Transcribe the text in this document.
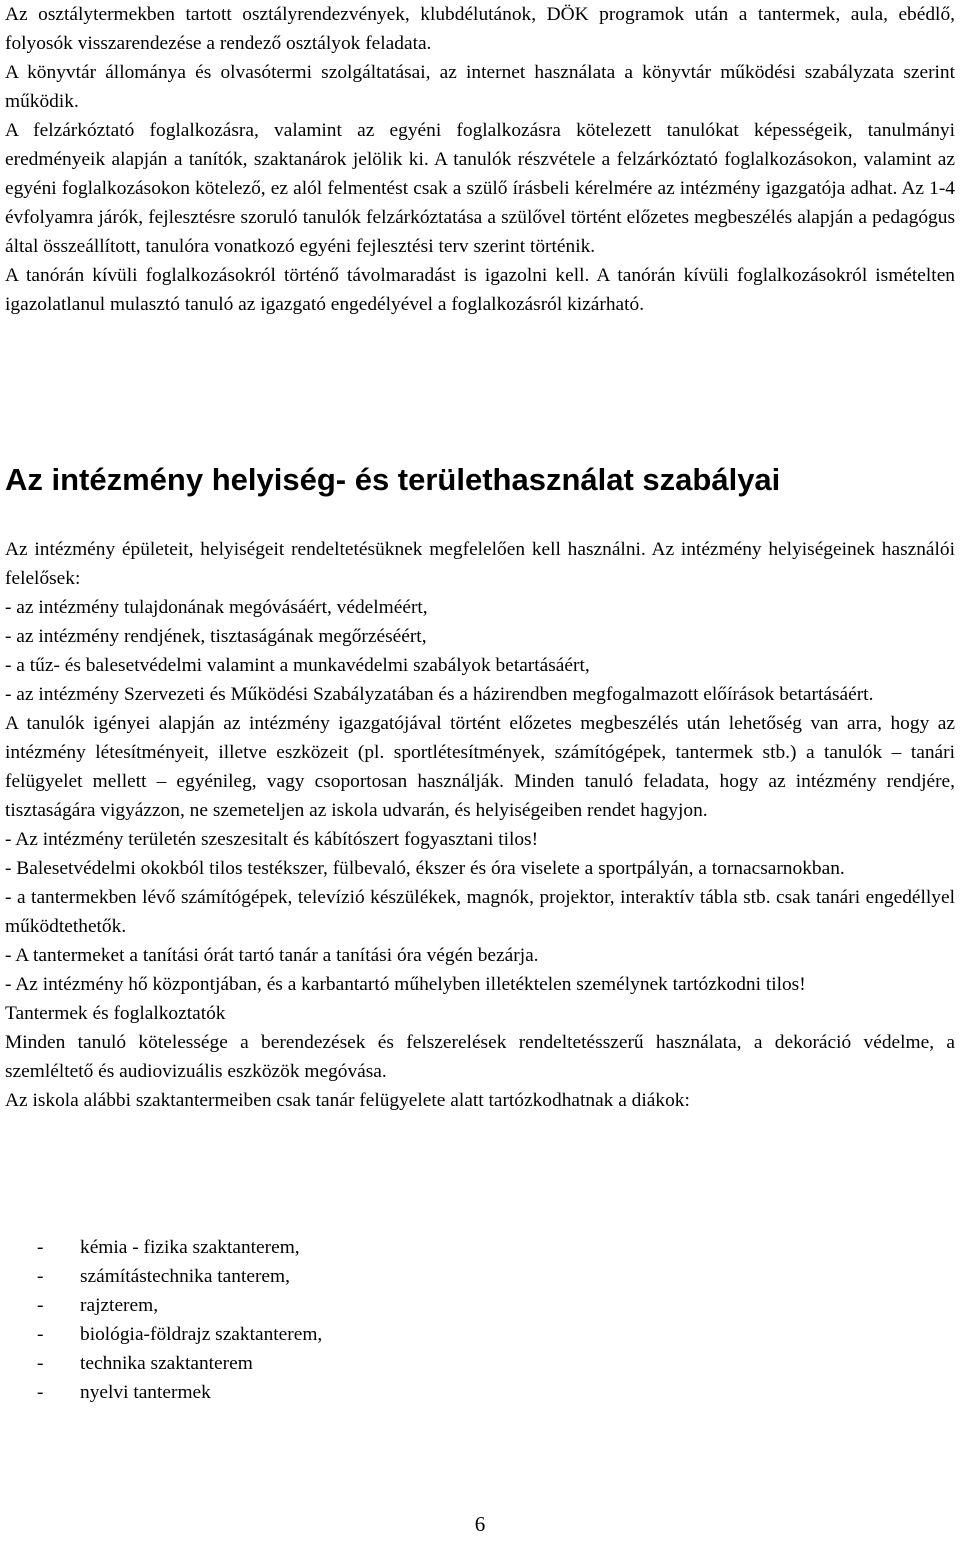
Az osztálytermekben tartott osztályrendezvények, klubdélutánok, DÖK programok után a tantermek, aula, ebédlő, folyosók visszarendezése a rendező osztályok feladata.

A könyvtár állománya és olvasótermi szolgáltatásai, az internet használata a könyvtár működési szabályzata szerint működik.

A felzárkóztató foglalkozásra, valamint az egyéni foglalkozásra kötelezett tanulókat képességeik, tanulmányi eredményeik alapján a tanítók, szaktanárok jelölik ki. A tanulók részvétele a felzárkóztató foglalkozásokon, valamint az egyéni foglalkozásokon kötelező, ez alól felmentést csak a szülő írásbeli kérelmére az intézmény igazgatója adhat. Az 1-4 évfolyamra járók, fejlesztésre szoruló tanulók felzárkóztatása a szülővel történt előzetes megbeszélés alapján a pedagógus által összeállított, tanulóra vonatkozó egyéni fejlesztési terv szerint történik.

A tanórán kívüli foglalkozásokról történő távolmaradást is igazolni kell. A tanórán kívüli foglalkozásokról ismételten igazolatlanul mulasztó tanuló az igazgató engedélyével a foglalkozásról kizárható.

Az intézmény helyiség- és területhasználat szabályai

Az intézmény épületeit, helyiségeit rendeltetésüknek megfelelően kell használni. Az intézmény helyiségeinek használói felelősek:

- az intézmény tulajdonának megóvásáért, védelméért,

- az intézmény rendjének, tisztaságának megőrzéséért,

- a tűz- és balesetvédelmi valamint a munkavédelmi szabályok betartásáért,

- az intézmény Szervezeti és Működési Szabályzatában és a házirendben megfogalmazott előírások betartásáért.

A tanulók igényei alapján az intézmény igazgatójával történt előzetes megbeszélés után lehetőség van arra, hogy az intézmény létesítményeit, illetve eszközeit (pl. sportlétesítmények, számítógépek, tantermek stb.) a tanulók – tanári felügyelet mellett – egyénileg, vagy csoportosan használják. Minden tanuló feladata, hogy az intézmény rendjére, tisztaságára vigyázzon, ne szemeteljen az iskola udvarán, és helyiségeiben rendet hagyjon.

- Az intézmény területén szeszesitalt és kábítószert fogyasztani tilos!

- Balesetvédelmi okokból tilos testékszer, fülbevaló, ékszer és óra viselete a sportpályán, a tornacsarnokban.

- a tantermekben lévő számítógépek, televízió készülékek, magnók, projektor, interaktív tábla stb. csak tanári engedéllyel működtethetők.

- A tantermeket a tanítási órát tartó tanár a tanítási óra végén bezárja.

- Az intézmény hő központjában, és a karbantartó műhelyben illetéktelen személynek tartózkodni tilos!

Tantermek és foglalkoztatók

Minden tanuló kötelessége a berendezések és felszerelések rendeltetésszerű használata, a dekoráció védelme, a szemléltető és audiovizuális eszközök megóvása.

Az iskola alábbi szaktantermeiben csak tanár felügyelete alatt tartózkodhatnak a diákok:

- kémia - fizika szaktanterem,
- számítástechnika tanterem,
- rajzterem,
- biológia-földrajz szaktanterem,
- technika szaktanterem
- nyelvi tantermek
6
